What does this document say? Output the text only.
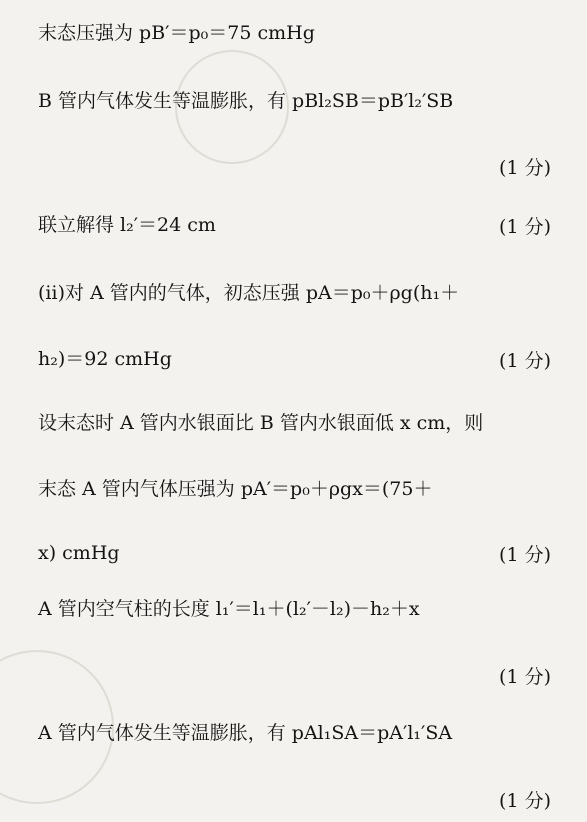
末态压强为 pB′＝p₀＝75 cmHg
B 管内气体发生等温膨胀，有 pBl₂SB＝pB′l₂′SB
(1 分)
联立解得 l₂′＝24 cm	(1 分)
(ⅱ)对 A 管内的气体，初态压强 pA＝p₀＋ρg(h₁＋
h₂)＝92 cmHg	(1 分)
设末态时 A 管内水银面比 B 管内水银面低 x cm，则
末态 A 管内气体压强为 pA′＝p₀＋ρgx＝(75＋
x) cmHg	(1 分)
A 管内空气柱的长度 l₁′＝l₁＋(l₂′－l₂)－h₂＋x
(1 分)
A 管内气体发生等温膨胀，有 pAl₁SA＝pA′l₁′SA
(1 分)
